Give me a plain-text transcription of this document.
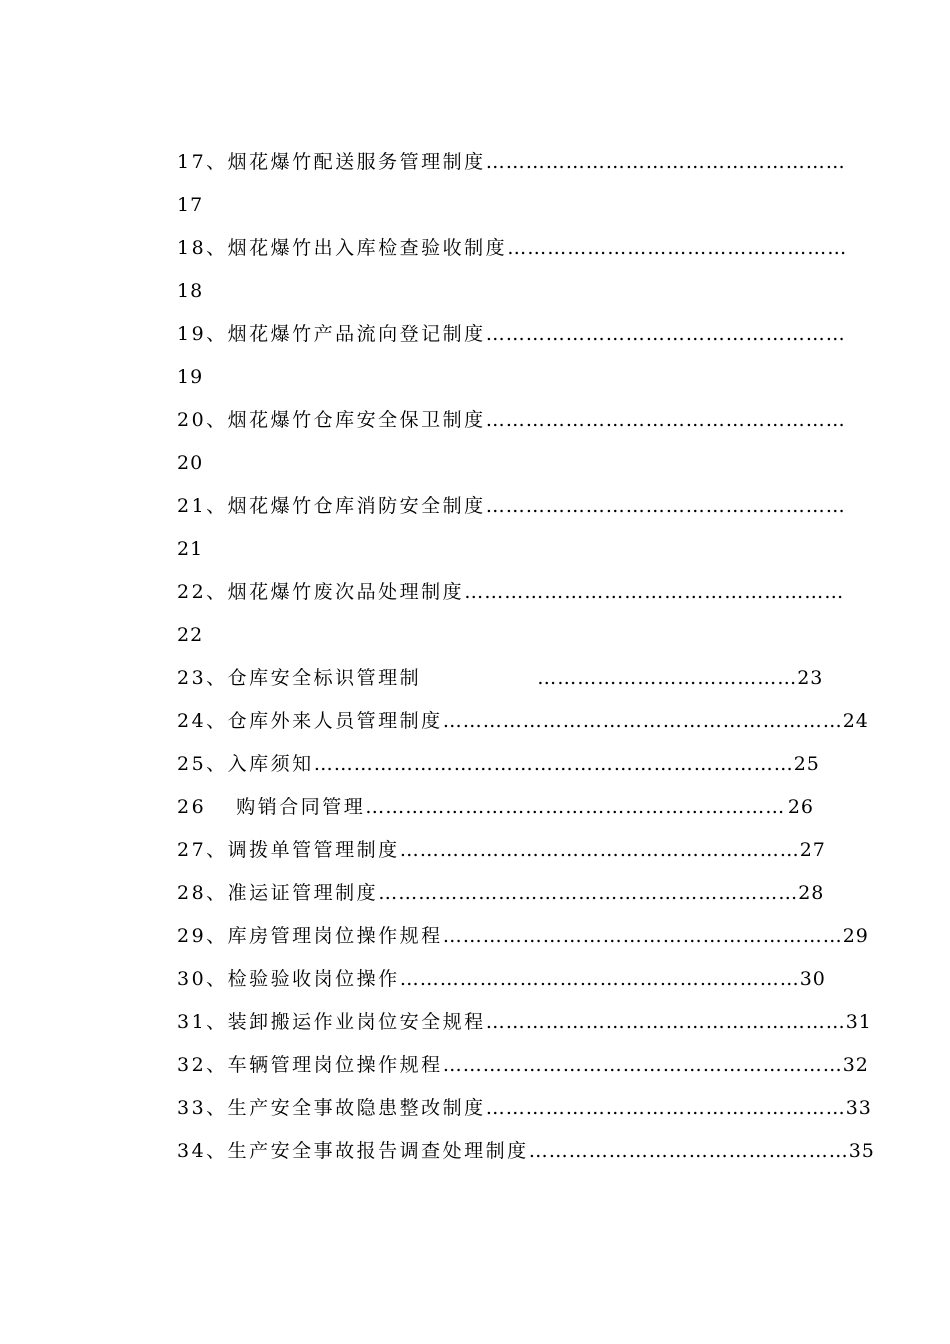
17、烟花爆竹配送服务管理制度 ………………………………………………
17
18、烟花爆竹出入库检查验收制度 ……………………………………………
18
19、烟花爆竹产品流向登记制度 ………………………………………………
19
20、烟花爆竹仓库安全保卫制度 ………………………………………………
20
21、烟花爆竹仓库消防安全制度 ………………………………………………
21
22、烟花爆竹废次品处理制度 …………………………………………………
22
23、仓库安全标识管理制	………………………………… 23
24、仓库外来人员管理制度 …………………………………………………… 24
25、入库须知 ……………………………………………………………… 25
26　 购销合同管理 ……………………………………………………… 26
27、调拨单管管理制度 …………………………………………………… 27
28、准运证管理制度 ……………………………………………………… 28
29、库房管理岗位操作规程 …………………………………………………… 29
30、检验验收岗位操作 …………………………………………………… 30
31、装卸搬运作业岗位安全规程 ……………………………………………… 31
32、车辆管理岗位操作规程 …………………………………………………… 32
33、生产安全事故隐患整改制度 ……………………………………………… 33
34、生产安全事故报告调查处理制度 ………………………………………… 35
